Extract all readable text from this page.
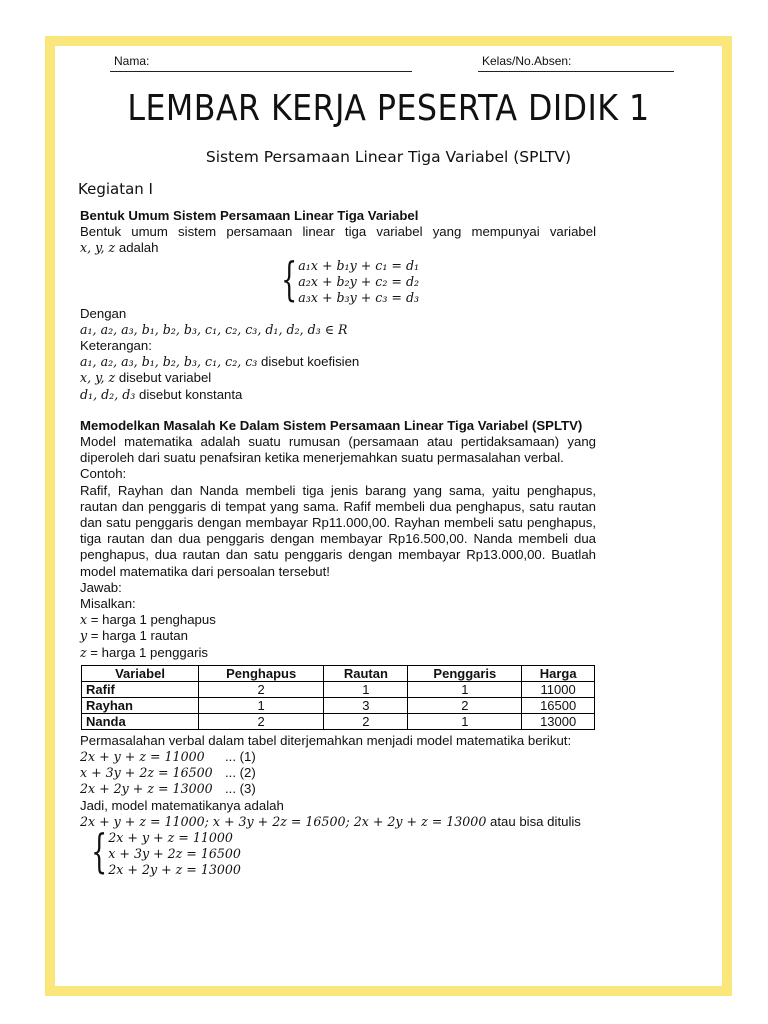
Nama:	Kelas/No.Absen:
LEMBAR KERJA PESERTA DIDIK 1
Sistem Persamaan Linear Tiga Variabel (SPLTV)
Kegiatan I

Bentuk Umum Sistem Persamaan Linear Tiga Variabel

Bentuk umum sistem persamaan linear tiga variabel yang mempunyai variabel

x, y, z adalah

{ a₁x + b₁y + c₁ = d₁
a₂x + b₂y + c₂ = d₂
a₃x + b₃y + c₃ = d₃

Dengan

a₁, a₂, a₃, b₁, b₂, b₃, c₁, c₂, c₃, d₁, d₂, d₃ ∈ R

Keterangan:

a₁, a₂, a₃, b₁, b₂, b₃, c₁, c₂, c₃ disebut koefisien

x, y, z disebut variabel

d₁, d₂, d₃ disebut konstanta

Memodelkan Masalah Ke Dalam Sistem Persamaan Linear Tiga Variabel (SPLTV)

Model matematika adalah suatu rumusan (persamaan atau pertidaksamaan) yang diperoleh dari suatu penafsiran ketika menerjemahkan suatu permasalahan verbal.

Contoh:

Rafif, Rayhan dan Nanda membeli tiga jenis barang yang sama, yaitu penghapus, rautan dan penggaris di tempat yang sama. Rafif membeli dua penghapus, satu rautan dan satu penggaris dengan membayar Rp11.000,00. Rayhan membeli satu penghapus, tiga rautan dan dua penggaris dengan membayar Rp16.500,00. Nanda membeli dua penghapus, dua rautan dan satu penggaris dengan membayar Rp13.000,00. Buatlah model matematika dari persoalan tersebut!

Jawab:

Misalkan:

x = harga 1 penghapus

y = harga 1 rautan

z = harga 1 penggaris

Variabel	Penghapus	Rautan	Penggaris	Harga
Rafif	2	1	1	11000
Rayhan	1	3	2	16500
Nanda	2	2	1	13000

Permasalahan verbal dalam tabel diterjemahkan menjadi model matematika berikut:

2x + y + z = 11000	... (1)
x + 3y + 2z = 16500 ... (2)
2x + 2y + z = 13000 ... (3)

Jadi, model matematikanya adalah

2x + y + z = 11000; x + 3y + 2z = 16500; 2x + 2y + z = 13000 atau bisa ditulis

{ 2x + y + z = 11000
x + 3y + 2z = 16500
2x + 2y + z = 13000
